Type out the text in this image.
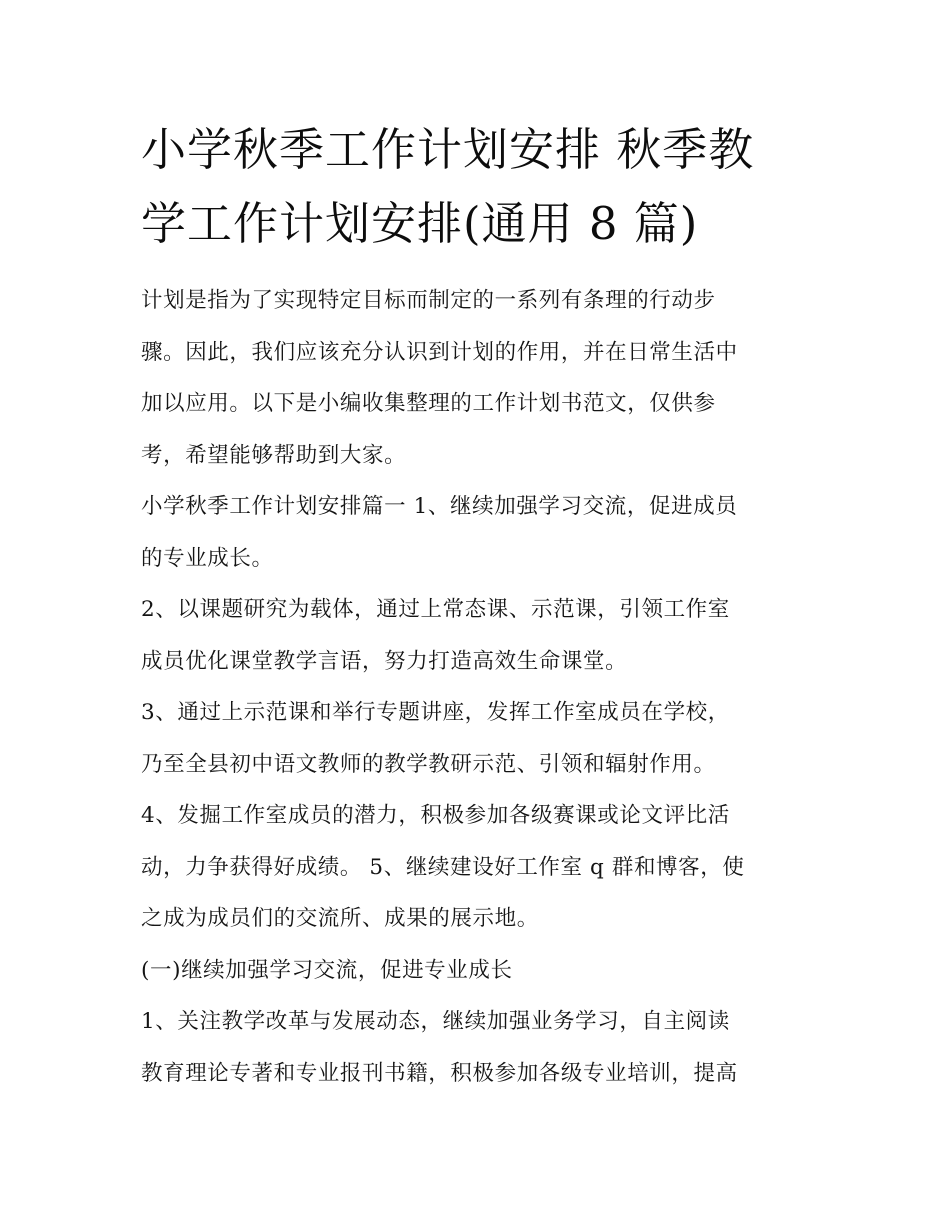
小学秋季工作计划安排 秋季教
学工作计划安排(通用 8 篇)

计划是指为了实现特定目标而制定的一系列有条理的行动步
骤。因此，我们应该充分认识到计划的作用，并在日常生活中
加以应用。以下是小编收集整理的工作计划书范文，仅供参
考，希望能够帮助到大家。

小学秋季工作计划安排篇一 1、继续加强学习交流，促进成员
的专业成长。

2、以课题研究为载体，通过上常态课、示范课，引领工作室
成员优化课堂教学言语，努力打造高效生命课堂。

3、通过上示范课和举行专题讲座，发挥工作室成员在学校，
乃至全县初中语文教师的教学教研示范、引领和辐射作用。

4、发掘工作室成员的潜力，积极参加各级赛课或论文评比活
动，力争获得好成绩。 5、继续建设好工作室 q 群和博客，使
之成为成员们的交流所、成果的展示地。

(一)继续加强学习交流，促进专业成长

1、关注教学改革与发展动态，继续加强业务学习，自主阅读
教育理论专著和专业报刊书籍，积极参加各级专业培训，提高
